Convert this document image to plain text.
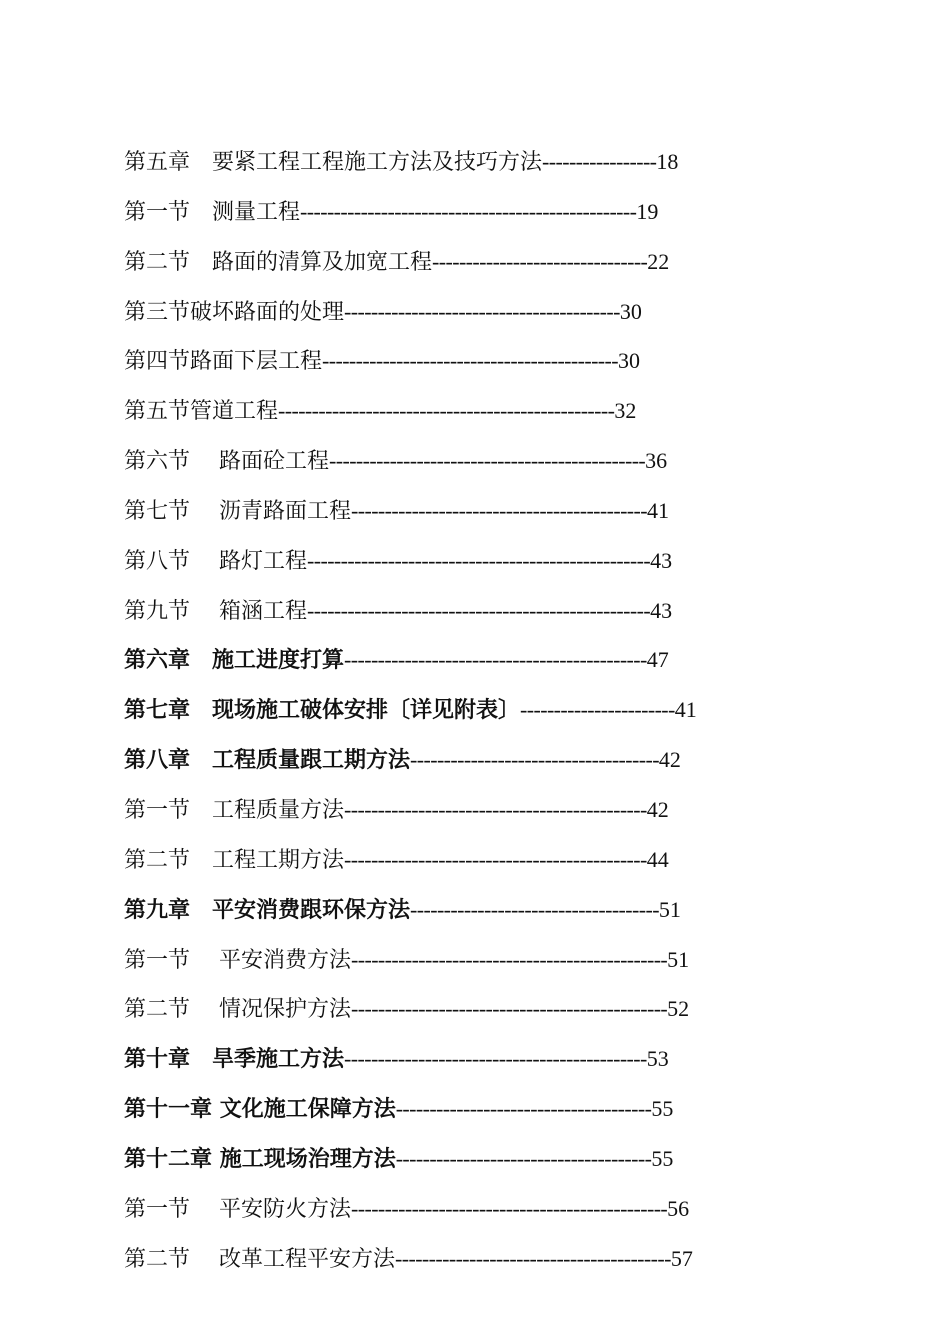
第五章　 要紧工程工程施工方法及技巧方法-----------------18
第一节　 测量工程--------------------------------------------------19
第二节　 路面的清算及加宽工程--------------------------------22
第三节破坏路面的处理-----------------------------------------30
第四节路面下层工程--------------------------------------------30
第五节管道工程--------------------------------------------------32
第六节　 路面砼工程-----------------------------------------------36
第七节　 沥青路面工程--------------------------------------------41
第八节　 路灯工程---------------------------------------------------43
第九节　 箱涵工程---------------------------------------------------43
第六章　 施工进度打算---------------------------------------------47
第七章　 现场施工破体安排〔详见附表〕-----------------------41
第八章　 工程质量跟工期方法-------------------------------------42
第一节　 工程质量方法---------------------------------------------42
第二节　 工程工期方法---------------------------------------------44
第九章　 平安消费跟环保方法-------------------------------------51
第一节　 平安消费方法-----------------------------------------------51
第二节　 情况保护方法-----------------------------------------------52
第十章　 旱季施工方法---------------------------------------------53
第十一章 文化施工保障方法--------------------------------------55
第十二章 施工现场治理方法--------------------------------------55
第一节　 平安防火方法-----------------------------------------------56
第二节　 改革工程平安方法-----------------------------------------57
